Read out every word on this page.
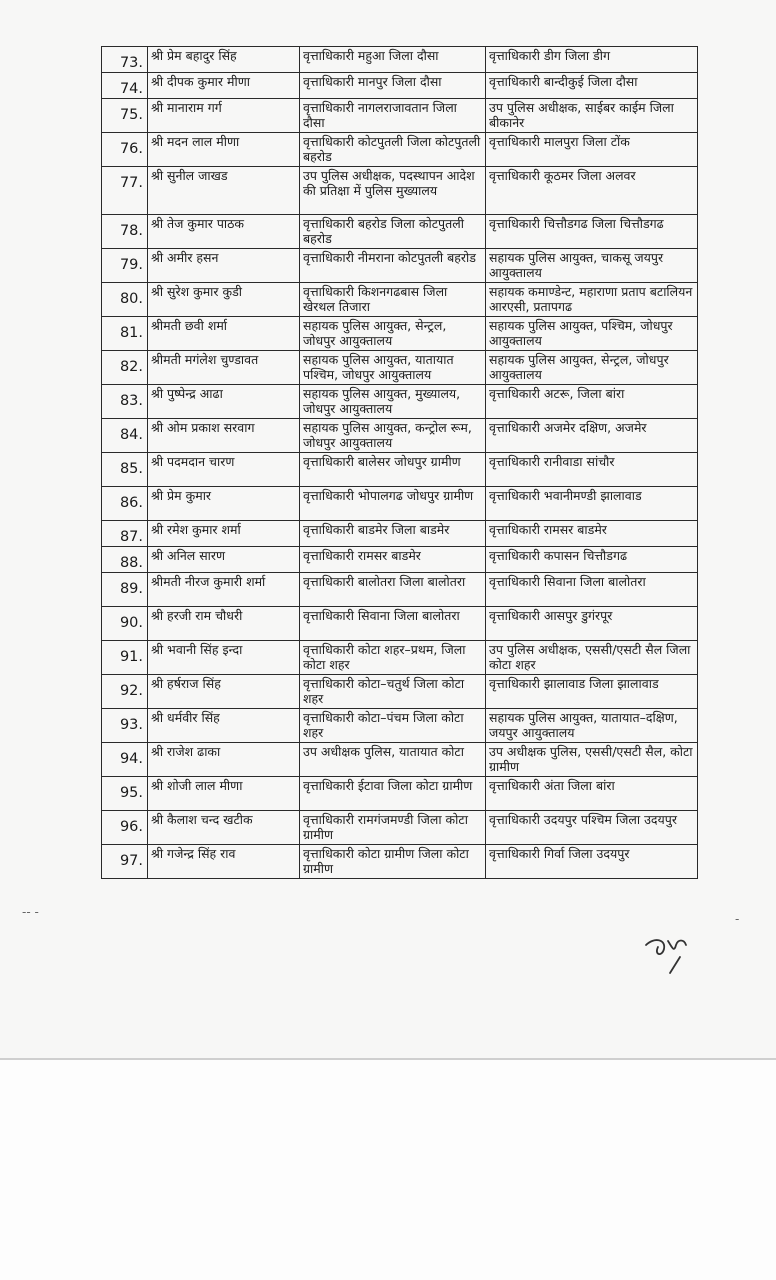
73.	श्री प्रेम बहादुर सिंह	वृत्ताधिकारी महुआ जिला दौसा	वृत्ताधिकारी डीग जिला डीग
74.	श्री दीपक कुमार मीणा	वृत्ताधिकारी मानपुर जिला दौसा	वृत्ताधिकारी बान्दीकुई जिला दौसा
75.	श्री मानाराम गर्ग	वृत्ताधिकारी नागलराजावतान जिला दौसा	उप पुलिस अधीक्षक, साईबर काईम जिला बीकानेर
76.	श्री मदन लाल मीणा	वृत्ताधिकारी कोटपुतली जिला कोटपुतली बहरोड	वृत्ताधिकारी मालपुरा जिला टोंक
77.	श्री सुनील जाखड	उप पुलिस अधीक्षक, पदस्थापन आदेश की प्रतिक्षा में पुलिस मुख्यालय	वृत्ताधिकारी कूठमर जिला अलवर
78.	श्री तेज कुमार पाठक	वृत्ताधिकारी बहरोड जिला कोटपुतली बहरोड	वृत्ताधिकारी चित्तौडगढ जिला चित्तौडगढ
79.	श्री अमीर हसन	वृत्ताधिकारी नीमराना कोटपुतली बहरोड	सहायक पुलिस आयुक्त, चाकसू जयपुर आयुक्तालय
80.	श्री सुरेश कुमार कुडी	वृत्ताधिकारी किशनगढबास जिला खेरथल तिजारा	सहायक कमाण्डेन्ट, महाराणा प्रताप बटालियन आरएसी, प्रतापगढ
81.	श्रीमती छवी शर्मा	सहायक पुलिस आयुक्त, सेन्ट्रल, जोधपुर आयुक्तालय	सहायक पुलिस आयुक्त, पश्चिम, जोधपुर आयुक्तालय
82.	श्रीमती मगंलेश चुण्डावत	सहायक पुलिस आयुक्त, यातायात पश्चिम, जोधपुर आयुक्तालय	सहायक पुलिस आयुक्त, सेन्ट्रल, जोधपुर आयुक्तालय
83.	श्री पुष्पेन्द्र आढा	सहायक पुलिस आयुक्त, मुख्यालय, जोधपुर आयुक्तालय	वृत्ताधिकारी अटरू, जिला बांरा
84.	श्री ओम प्रकाश सरवाग	सहायक पुलिस आयुक्त, कन्ट्रोल रूम, जोधपुर आयुक्तालय	वृत्ताधिकारी अजमेर दक्षिण, अजमेर
85.	श्री पदमदान चारण	वृत्ताधिकारी बालेसर जोधपुर ग्रामीण	वृत्ताधिकारी रानीवाडा सांचौर
86.	श्री प्रेम कुमार	वृत्ताधिकारी भोपालगढ जोधपुर ग्रामीण	वृत्ताधिकारी भवानीमण्डी झालावाड
87.	श्री रमेश कुमार शर्मा	वृत्ताधिकारी बाडमेर जिला बाडमेर	वृत्ताधिकारी रामसर बाडमेर
88.	श्री अनिल सारण	वृत्ताधिकारी रामसर बाडमेर	वृत्ताधिकारी कपासन चित्तौडगढ
89.	श्रीमती नीरज कुमारी शर्मा	वृत्ताधिकारी बालोतरा जिला बालोतरा	वृत्ताधिकारी सिवाना जिला बालोतरा
90.	श्री हरजी राम चौधरी	वृत्ताधिकारी सिवाना जिला बालोतरा	वृत्ताधिकारी आसपुर डुगंरपूर
91.	श्री भवानी सिंह इन्दा	वृत्ताधिकारी कोटा शहर–प्रथम, जिला कोटा शहर	उप पुलिस अधीक्षक, एससी/एसटी सैल जिला कोटा शहर
92.	श्री हर्षराज सिंह	वृत्ताधिकारी कोटा–चतुर्थ जिला कोटा शहर	वृत्ताधिकारी झालावाड जिला झालावाड
93.	श्री धर्मवीर सिंह	वृत्ताधिकारी कोटा–पंचम जिला कोटा शहर	सहायक पुलिस आयुक्त, यातायात–दक्षिण, जयपुर आयुक्तालय
94.	श्री राजेश ढाका	उप अधीक्षक पुलिस, यातायात कोटा	उप अधीक्षक पुलिस, एससी/एसटी सैल, कोटा ग्रामीण
95.	श्री शोजी लाल मीणा	वृत्ताधिकारी ईटावा जिला कोटा ग्रामीण	वृत्ताधिकारी अंता जिला बांरा
96.	श्री कैलाश चन्द खटीक	वृत्ताधिकारी रामगंजमण्डी जिला कोटा ग्रामीण	वृत्ताधिकारी उदयपुर पश्चिम जिला उदयपुर
97.	श्री गजेन्द्र सिंह राव	वृत्ताधिकारी कोटा ग्रामीण जिला कोटा ग्रामीण	वृत्ताधिकारी गिर्वा जिला उदयपुर
-- -	-
